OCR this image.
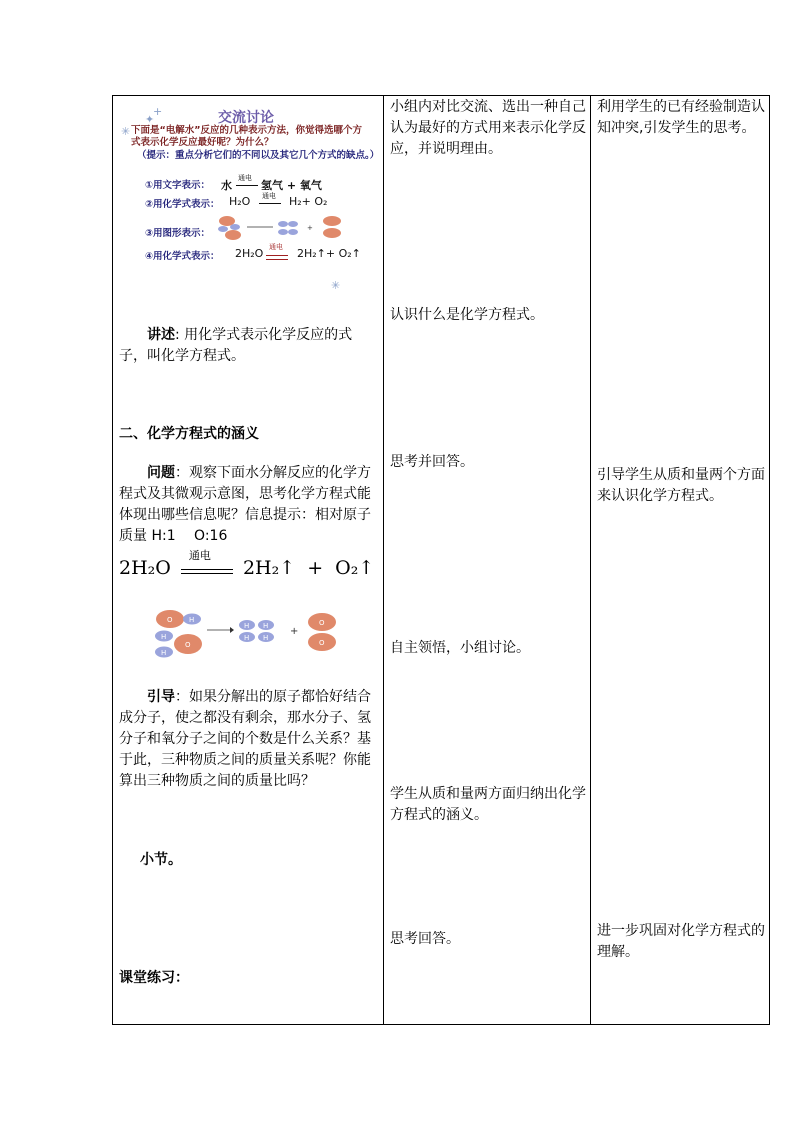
✳
✦
+	交流讨论
下面是“电解水”反应的几种表示方法，你觉得选哪个方式表示化学反应最好呢？为什么？
（提示：重点分析它们的不同以及其它几个方式的缺点。）
①用文字表示： 水
通电
氢气 + 氧气
②用化学式表示： H₂O 通电 H₂+ O₂
③用图形表示：	+
④用化学式表示： 2H₂O 通电 2H₂↑+ O₂↑
✳
讲述: 用化学式表示化学反应的式子，叫化学方程式。
二、化学方程式的涵义
问题：观察下面水分解反应的化学方程式及其微观示意图，思考化学方程式能体现出哪些信息呢？信息提示：相对原子质量 H:1　 O:16
2H₂O
通电
2H₂↑ + O₂↑
O H
H
H
O
H H
H H
+
O
O
引导：如果分解出的原子都恰好结合成分子，使之都没有剩余，那水分子、氢分子和氧分子之间的个数是什么关系？基于此，三种物质之间的质量关系呢？你能算出三种物质之间的质量比吗？
小节。
课堂练习：
小组内对比交流、选出一种自己认为最好的方式用来表示化学反应，并说明理由。
认识什么是化学方程式。
思考并回答。
自主领悟，小组讨论。
学生从质和量两方面归纳出化学方程式的涵义。
思考回答。
利用学生的已有经验制造认知冲突,引发学生的思考。
引导学生从质和量两个方面来认识化学方程式。
进一步巩固对化学方程式的理解。
